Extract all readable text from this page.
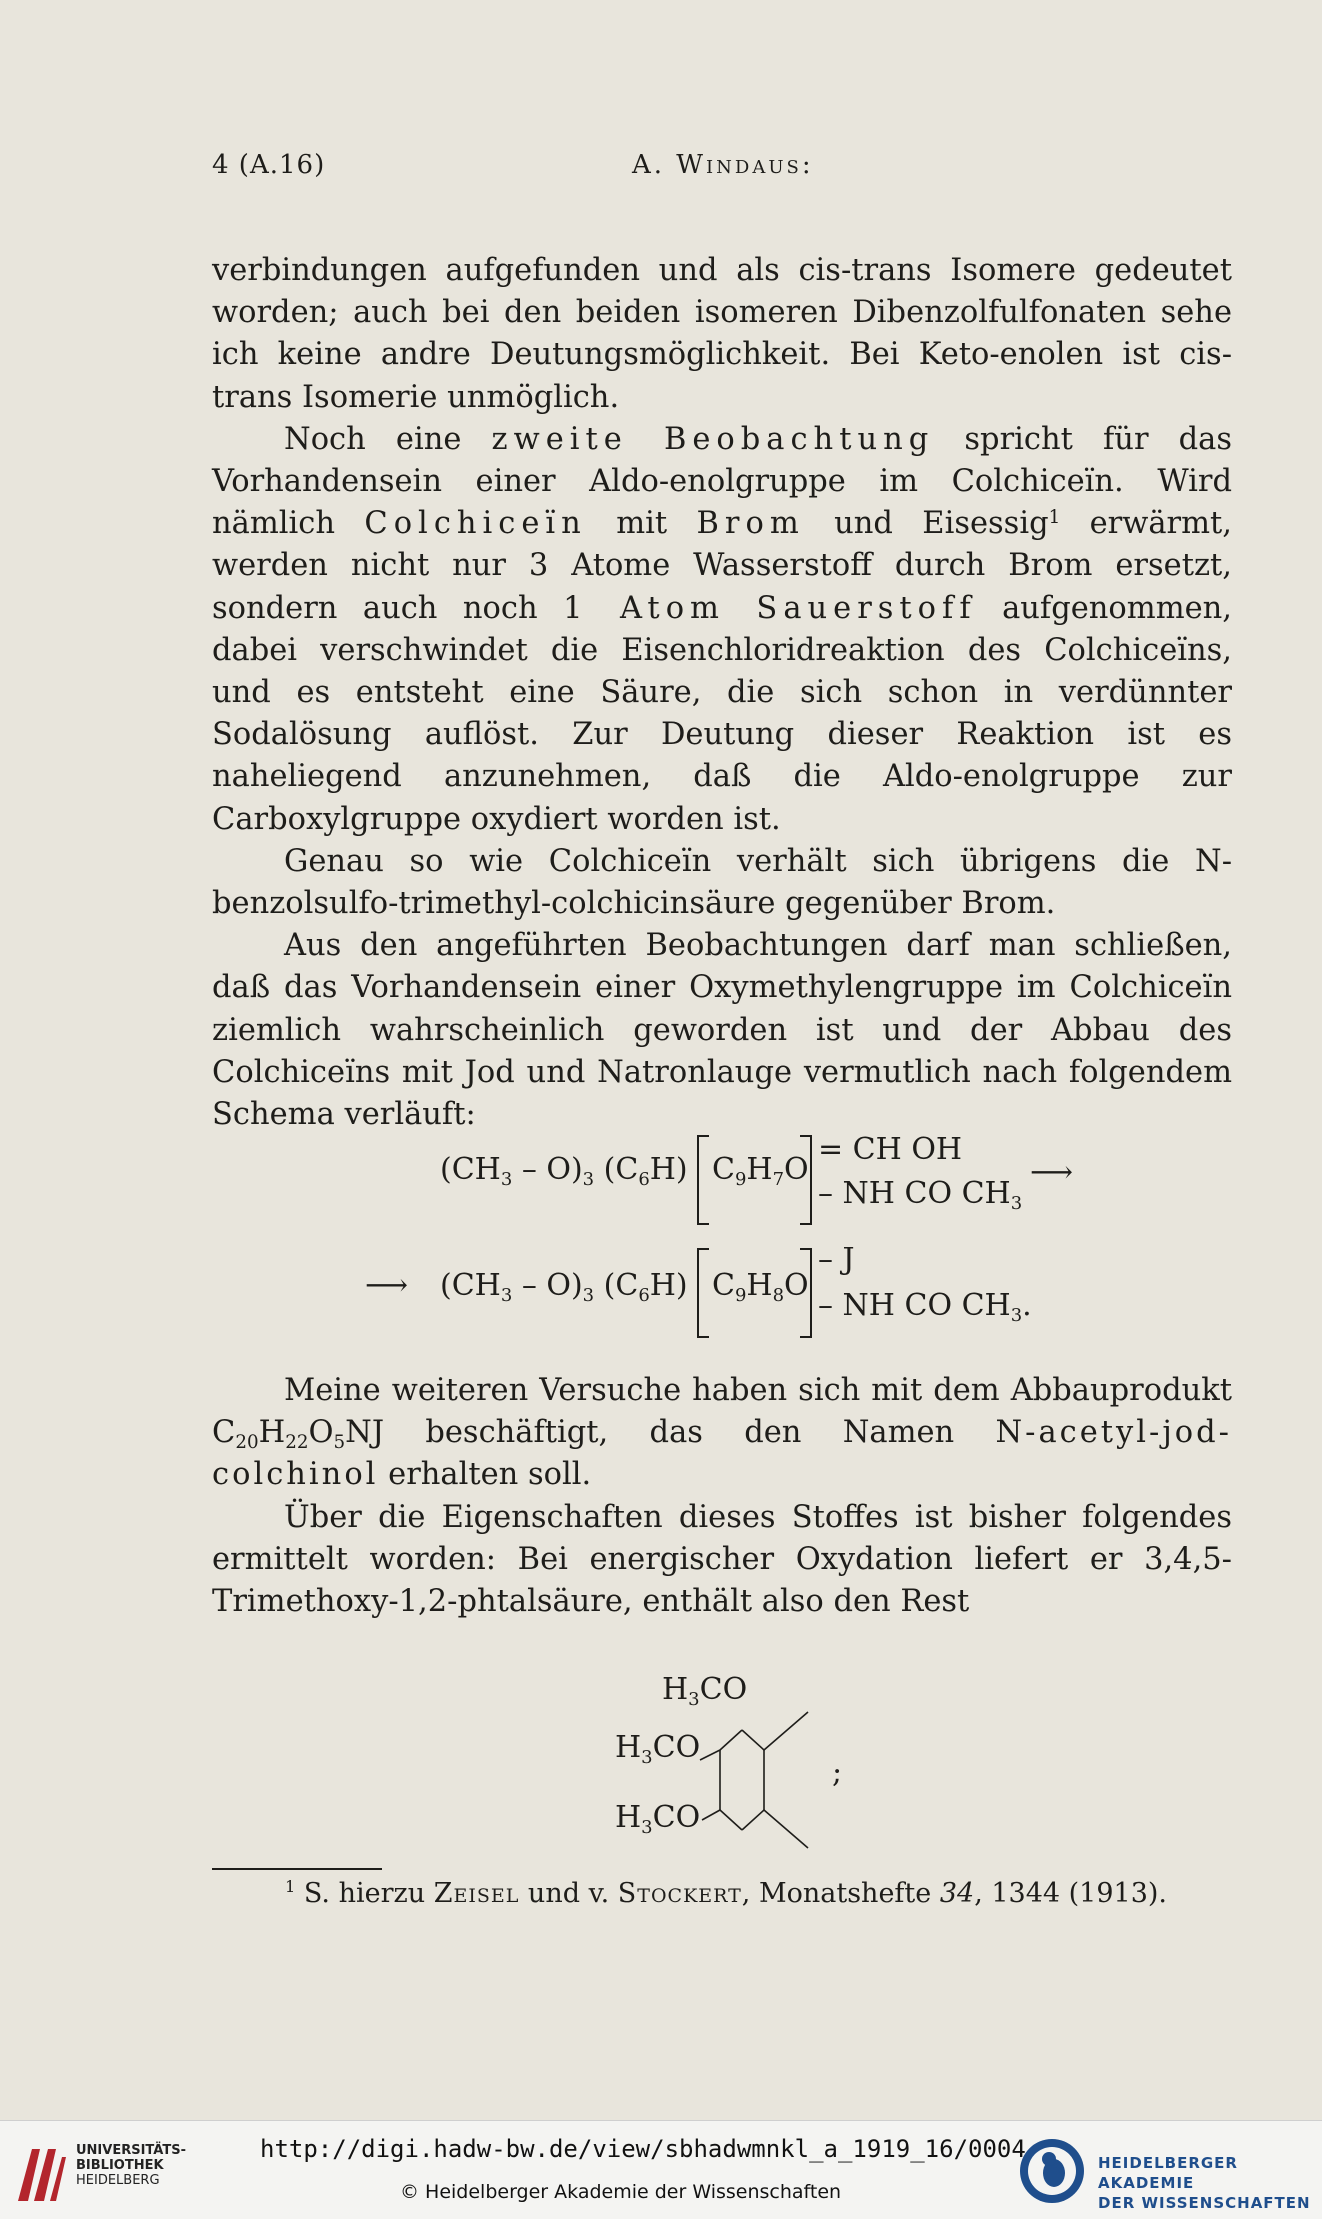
4 (A.16)	A. Windaus:

verbindungen aufgefunden und als cis-trans Isomere gedeutet worden; auch bei den beiden isomeren Dibenzolfulfonaten sehe ich keine andre Deutungsmöglichkeit. Bei Keto-enolen ist cis-trans Isomerie unmöglich.

Noch eine zweite Beobachtung spricht für das Vorhandensein einer Aldo-enolgruppe im Colchiceïn. Wird nämlich Colchiceïn mit Brom und Eisessig$^1$ erwärmt, werden nicht nur 3 Atome Wasserstoff durch Brom ersetzt, sondern auch noch 1 Atom Sauerstoff aufgenommen, dabei verschwindet die Eisenchloridreaktion des Colchiceïns, und es entsteht eine Säure, die sich schon in verdünnter Sodalösung auflöst. Zur Deutung dieser Reaktion ist es naheliegend anzunehmen, daß die Aldo-enolgruppe zur Carboxylgruppe oxydiert worden ist.

Genau so wie Colchiceïn verhält sich übrigens die N-benzolsulfo-trimethyl-colchicinsäure gegenüber Brom.

Aus den angeführten Beobachtungen darf man schließen, daß das Vorhandensein einer Oxymethylengruppe im Colchiceïn ziemlich wahrscheinlich geworden ist und der Abbau des Colchiceïns mit Jod und Natronlauge vermutlich nach folgendem Schema verläuft:

$(CH_3 - O)_3$ $(C_6H)$ $C_9H_7O$
= CH OH
– NH CO $CH_3$
⟶
⟶ $(CH_3 - O)_3$ $(C_6H)$ $C_9H_8O$
– J
– NH CO $CH_3$.

Meine weiteren Versuche haben sich mit dem Abbauprodukt $C_{20}H_{22}O_5NJ$ beschäftigt, das den Namen N-acetyl-jod-colchinol erhalten soll.

Über die Eigenschaften dieses Stoffes ist bisher folgendes ermittelt worden: Bei energischer Oxydation liefert er 3,4,5-Trimethoxy-1,2-phtalsäure, enthält also den Rest

$H_3CO$
$H_3CO$
$H_3CO$
;
$^1$ S. hierzu Zeisel und v. Stockert, Monatshefte 34, 1344 (1913).
UNIVERSITÄTS-
BIBLIOTHEK
HEIDELBERG
http://digi.hadw-bw.de/view/sbhadwmnkl_a_1919_16/0004
© Heidelberger Akademie der Wissenschaften
HEIDELBERGER AKADEMIE
DER WISSENSCHAFTEN
